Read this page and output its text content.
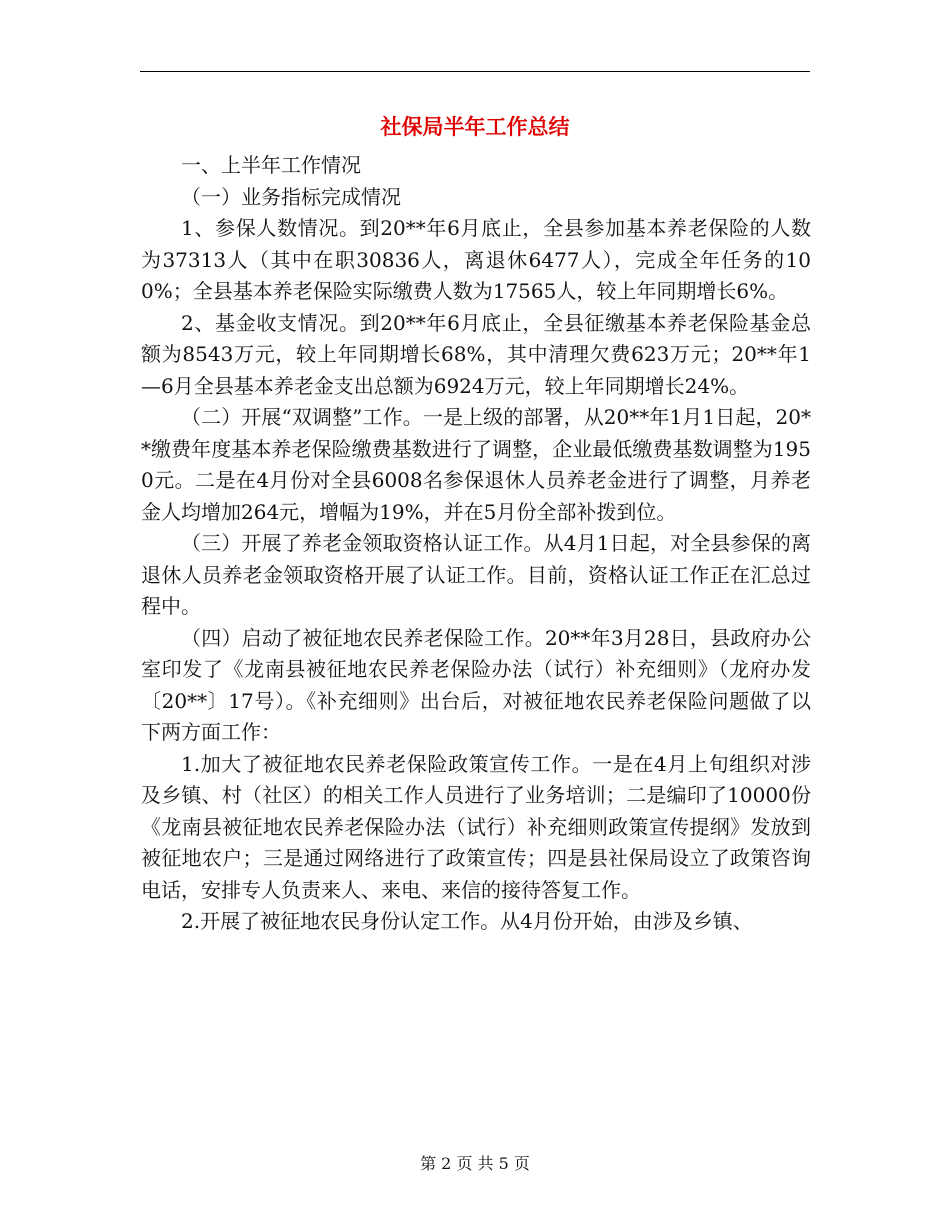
社保局半年工作总结

一、上半年工作情况

（一）业务指标完成情况

1、参保人数情况。到20**年6月底止，全县参加基本养老保险的人数为37313人（其中在职30836人，离退休6477人），完成全年任务的100%；全县基本养老保险实际缴费人数为17565人，较上年同期增长6%。

2、基金收支情况。到20**年6月底止，全县征缴基本养老保险基金总额为8543万元，较上年同期增长68%，其中清理欠费623万元；20**年1—6月全县基本养老金支出总额为6924万元，较上年同期增长24%。

（二）开展“双调整”工作。一是上级的部署，从20**年1月1日起，20**缴费年度基本养老保险缴费基数进行了调整，企业最低缴费基数调整为1950元。二是在4月份对全县6008名参保退休人员养老金进行了调整，月养老金人均增加264元，增幅为19%，并在5月份全部补拨到位。

（三）开展了养老金领取资格认证工作。从4月1日起，对全县参保的离退休人员养老金领取资格开展了认证工作。目前，资格认证工作正在汇总过程中。

（四）启动了被征地农民养老保险工作。20**年3月28日，县政府办公室印发了《龙南县被征地农民养老保险办法（试行）补充细则》（龙府办发〔20**〕17号）。《补充细则》出台后，对被征地农民养老保险问题做了以下两方面工作：

1.加大了被征地农民养老保险政策宣传工作。一是在4月上旬组织对涉及乡镇、村（社区）的相关工作人员进行了业务培训；二是编印了10000份《龙南县被征地农民养老保险办法（试行）补充细则政策宣传提纲》发放到被征地农户；三是通过网络进行了政策宣传；四是县社保局设立了政策咨询电话，安排专人负责来人、来电、来信的接待答复工作。

2.开展了被征地农民身份认定工作。从4月份开始，由涉及乡镇、

第 2 页 共 5 页
